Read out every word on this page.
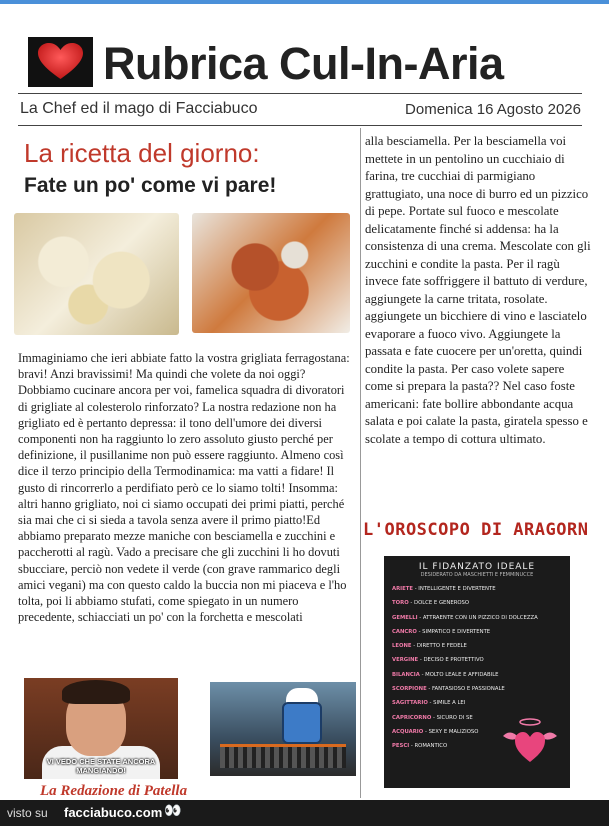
Rubrica Cul-In-Aria
La Chef ed il mago di Facciabuco	Domenica 16 Agosto 2026
La ricetta del giorno:
Fate un po' come vi pare!
Immaginiamo che ieri abbiate fatto la vostra grigliata ferragostana: bravi! Anzi bravissimi! Ma quindi che volete da noi oggi? Dobbiamo cucinare ancora per voi, famelica squadra di divoratori di grigliate al colesterolo rinforzato? La nostra redazione non ha grigliato ed è pertanto depressa: il tono dell'umore dei diversi componenti non ha raggiunto lo zero assoluto giusto perché per definizione, il pusillanime non può essere raggiunto. Almeno così dice il terzo principio della Termodinamica: ma vatti a fidare! Il gusto di rincorrerlo a perdifiato però ce lo siamo tolti! Insomma: altri hanno grigliato, noi ci siamo occupati dei primi piatti, perché sia mai che ci si sieda a tavola senza avere il primo piatto!Ed abbiamo preparato mezze maniche con besciamella e zucchini e paccherotti al ragù. Vado a precisare che gli zucchini li ho dovuti sbucciare, perciò non vedete il verde (con grave rammarico degli amici vegani) ma con questo caldo la buccia non mi piaceva e l'ho tolta, poi li abbiamo stufati, come spiegato in un numero precedente, schiacciati un po' con la forchetta e mescolati
alla besciamella. Per la besciamella voi mettete in un pentolino un cucchiaio di farina, tre cucchiai di parmigiano grattugiato, una noce di burro ed un pizzico di pepe. Portate sul fuoco e mescolate delicatamente finché si addensa: ha la consistenza di una crema. Mescolate con gli zucchini e condite la pasta. Per il ragù invece fate soffriggere il battuto di verdure, aggiungete la carne tritata, rosolate. aggiungete un bicchiere di vino e lasciatelo evaporare a fuoco vivo. Aggiungete la passata e fate cuocere per un'oretta, quindi condite la pasta. Per caso volete sapere come si prepara la pasta?? Nel caso foste americani: fate bollire abbondante acqua salata e poi calate la pasta, giratela spesso e scolate a tempo di cottura ultimato.
VI VEDO CHE STATE ANCORA MANGIANDO!
La Redazione di Patella
L'OROSCOPO DI ARAGORN
IL FIDANZATO IDEALE
DESIDERATO DA MASCHIETTI E FEMMINUCCE
ARIETE - INTELLIGENTE E DIVERTENTE
TORO - DOLCE E GENEROSO
GEMELLI - ATTRAENTE CON UN PIZZICO DI DOLCEZZA
CANCRO - SIMPATICO E DIVERTENTE
LEONE - DIRETTO E FEDELE
VERGINE - DECISO E PROTETTIVO
BILANCIA - MOLTO LEALE E AFFIDABILE
SCORPIONE - FANTASIOSO E PASSIONALE
SAGITTARIO - SIMILE A LEI
CAPRICORNO - SICURO DI SE
ACQUARIO - SEXY E MALIZIOSO
PESCI - ROMANTICO
visto su facciabuco.com 👀
